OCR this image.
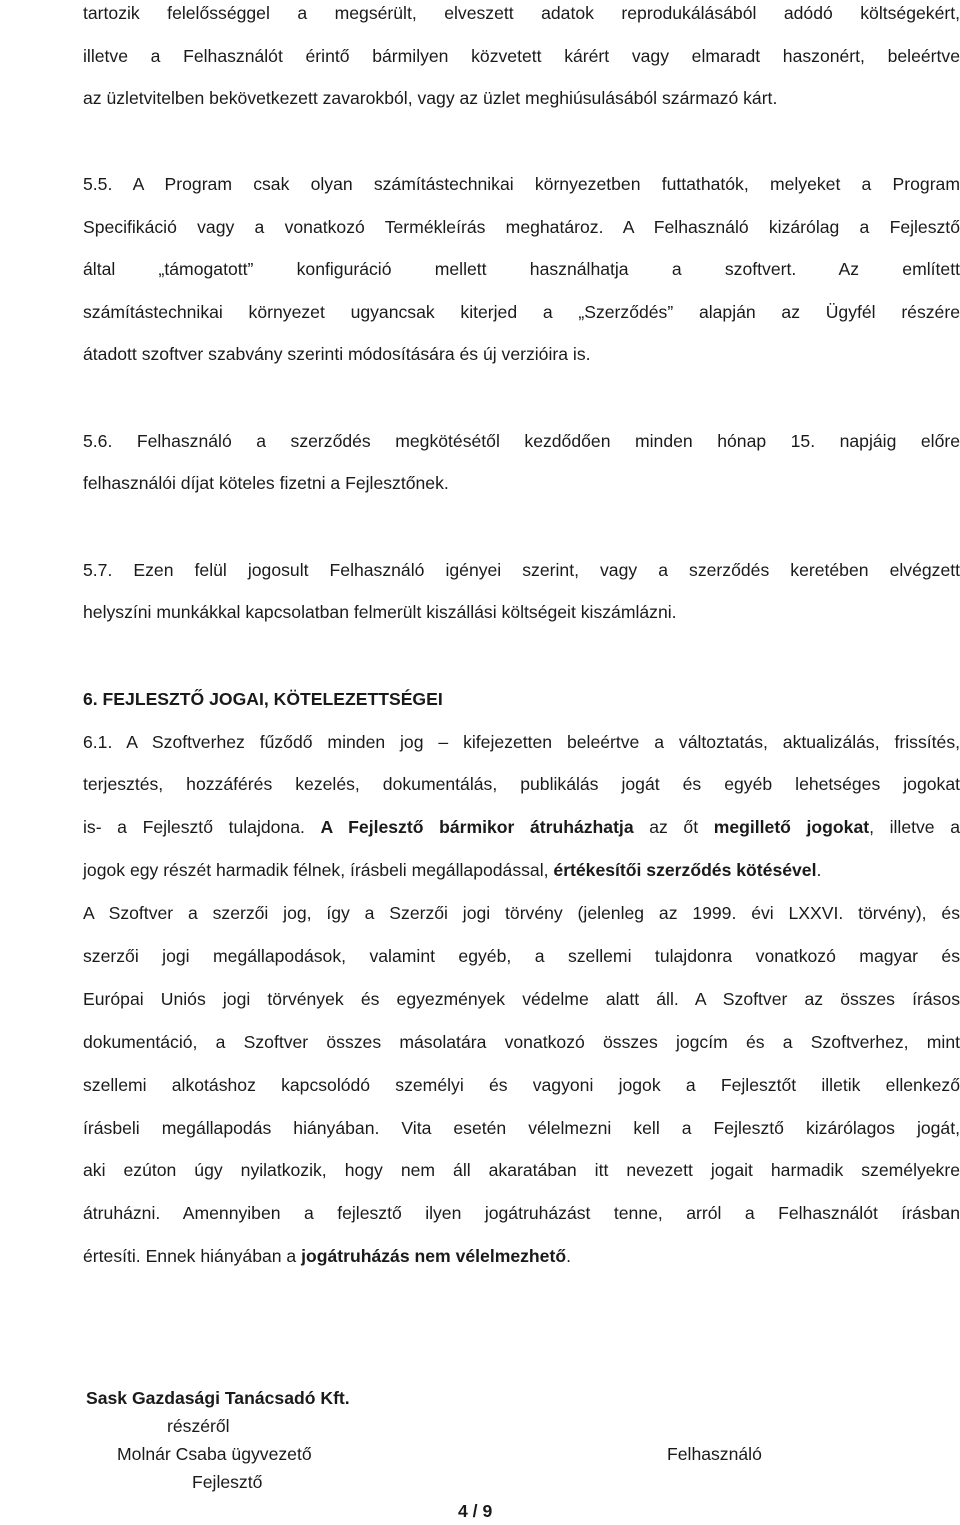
tartozik felelősséggel a megsérült, elveszett adatok reprodukálásából adódó költségekért,
illetve a Felhasználót érintő bármilyen közvetett kárért vagy elmaradt haszonért, beleértve
az üzletvitelben bekövetkezett zavarokból, vagy az üzlet meghiúsulásából származó kárt.
5.5. A Program csak olyan számítástechnikai környezetben futtathatók, melyeket a Program
Specifikáció vagy a vonatkozó Termékleírás meghatároz. A Felhasználó kizárólag a Fejlesztő
által „támogatott” konfiguráció mellett használhatja a szoftvert. Az említett
számítástechnikai környezet ugyancsak kiterjed a „Szerződés” alapján az Ügyfél részére
átadott szoftver szabvány szerinti módosítására és új verzióira is.
5.6. Felhasználó a szerződés megkötésétől kezdődően minden hónap 15. napjáig előre
felhasználói díjat köteles fizetni a Fejlesztőnek.
5.7. Ezen felül jogosult Felhasználó igényei szerint, vagy a szerződés keretében elvégzett
helyszíni munkákkal kapcsolatban felmerült kiszállási költségeit kiszámlázni.
6. FEJLESZTŐ JOGAI, KÖTELEZETTSÉGEI
6.1. A Szoftverhez fűződő minden jog – kifejezetten beleértve a változtatás, aktualizálás, frissítés,
terjesztés, hozzáférés kezelés, dokumentálás, publikálás jogát és egyéb lehetséges jogokat
is- a Fejlesztő tulajdona. A Fejlesztő bármikor átruházhatja az őt megillető jogokat, illetve a
jogok egy részét harmadik félnek, írásbeli megállapodással, értékesítői szerződés kötésével.
A Szoftver a szerzői jog, így a Szerzői jogi törvény (jelenleg az 1999. évi LXXVI. törvény), és
szerzői jogi megállapodások, valamint egyéb, a szellemi tulajdonra vonatkozó magyar és
Európai Uniós jogi törvények és egyezmények védelme alatt áll. A Szoftver az összes írásos
dokumentáció, a Szoftver összes másolatára vonatkozó összes jogcím és a Szoftverhez, mint
szellemi alkotáshoz kapcsolódó személyi és vagyoni jogok a Fejlesztőt illetik ellenkező
írásbeli megállapodás hiányában. Vita esetén vélelmezni kell a Fejlesztő kizárólagos jogát,
aki ezúton úgy nyilatkozik, hogy nem áll akaratában itt nevezett jogait harmadik személyekre
átruházni. Amennyiben a fejlesztő ilyen jogátruházást tenne, arról a Felhasználót írásban
értesíti. Ennek hiányában a jogátruházás nem vélelmezhető.
Sask Gazdasági Tanácsadó Kft.
részéről
Molnár Csaba ügyvezető
Fejlesztő
Felhasználó
4 / 9
